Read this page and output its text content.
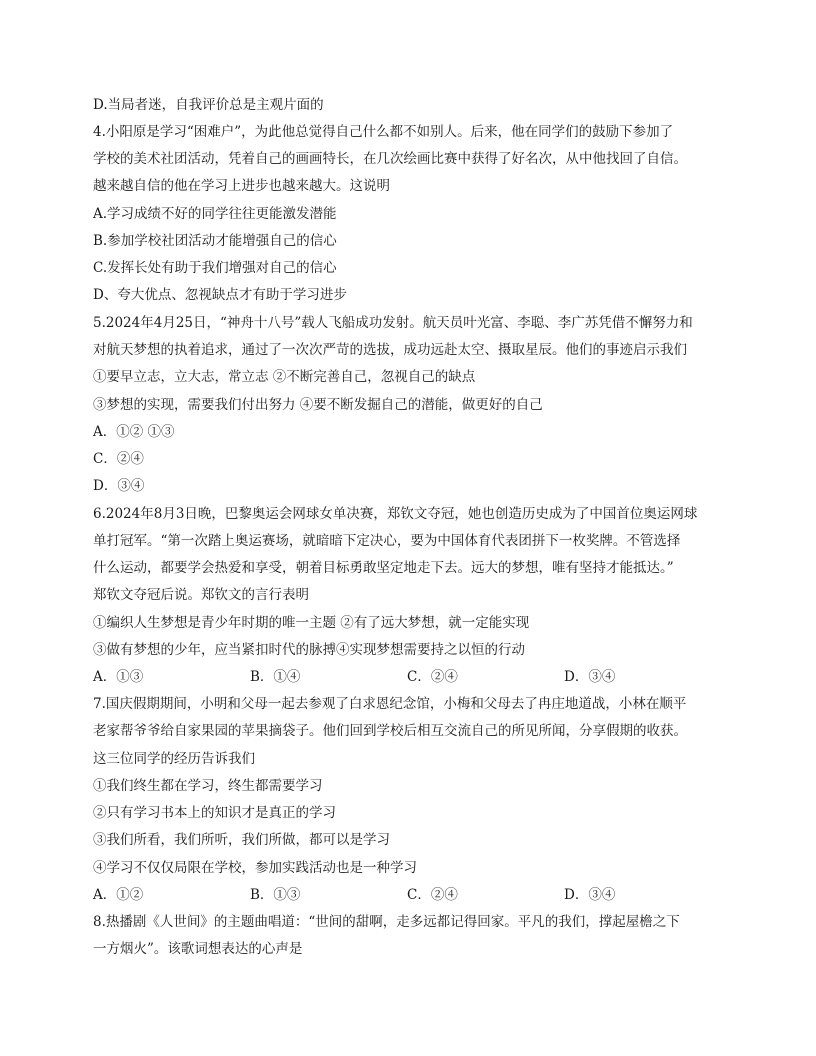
D.当局者迷，自我评价总是主观片面的
4.小阳原是学习“困难户”，为此他总觉得自己什么都不如别人。后来，他在同学们的鼓励下参加了
学校的美术社团活动，凭着自己的画画特长，在几次绘画比赛中获得了好名次，从中他找回了自信。
越来越自信的他在学习上进步也越来越大。这说明
A.学习成绩不好的同学往往更能激发潜能
B.参加学校社团活动才能增强自己的信心
C.发挥长处有助于我们增强对自己的信心
D、夸大优点、忽视缺点才有助于学习进步
5.2024年4月25日，“神舟十八号”载人飞船成功发射。航天员叶光富、李聪、李广苏凭借不懈努力和
对航天梦想的执着追求，通过了一次次严苛的选拔，成功远赴太空、摄取星辰。他们的事迹启示我们
①要早立志，立大志，常立志 ②不断完善自己，忽视自己的缺点
③梦想的实现，需要我们付出努力 ④要不断发掘自己的潜能，做更好的自己
A．①② ①③
C．②④
D．③④
6.2024年8月3日晚，巴黎奥运会网球女单决赛，郑钦文夺冠，她也创造历史成为了中国首位奥运网球
单打冠军。“第一次踏上奥运赛场，就暗暗下定决心，要为中国体育代表团拼下一枚奖牌。不管选择
什么运动，都要学会热爱和享受，朝着目标勇敢坚定地走下去。远大的梦想，唯有坚持才能抵达。”
郑钦文夺冠后说。郑钦文的言行表明
①编织人生梦想是青少年时期的唯一主题 ②有了远大梦想，就一定能实现
③做有梦想的少年，应当紧扣时代的脉搏④实现梦想需要持之以恒的行动
A．①③	B．①④	C．②④	D．③④
7.国庆假期期间，小明和父母一起去参观了白求恩纪念馆，小梅和父母去了冉庄地道战，小林在顺平
老家帮爷爷给自家果园的苹果摘袋子。他们回到学校后相互交流自己的所见所闻，分享假期的收获。
这三位同学的经历告诉我们
①我们终生都在学习，终生都需要学习
②只有学习书本上的知识才是真正的学习
③我们所看，我们所听，我们所做，都可以是学习
④学习不仅仅局限在学校，参加实践活动也是一种学习
A．①②	B．①③	C．②④	D．③④
8.热播剧《人世间》的主题曲唱道：“世间的甜啊，走多远都记得回家。平凡的我们，撑起屋檐之下
一方烟火”。该歌词想表达的心声是
